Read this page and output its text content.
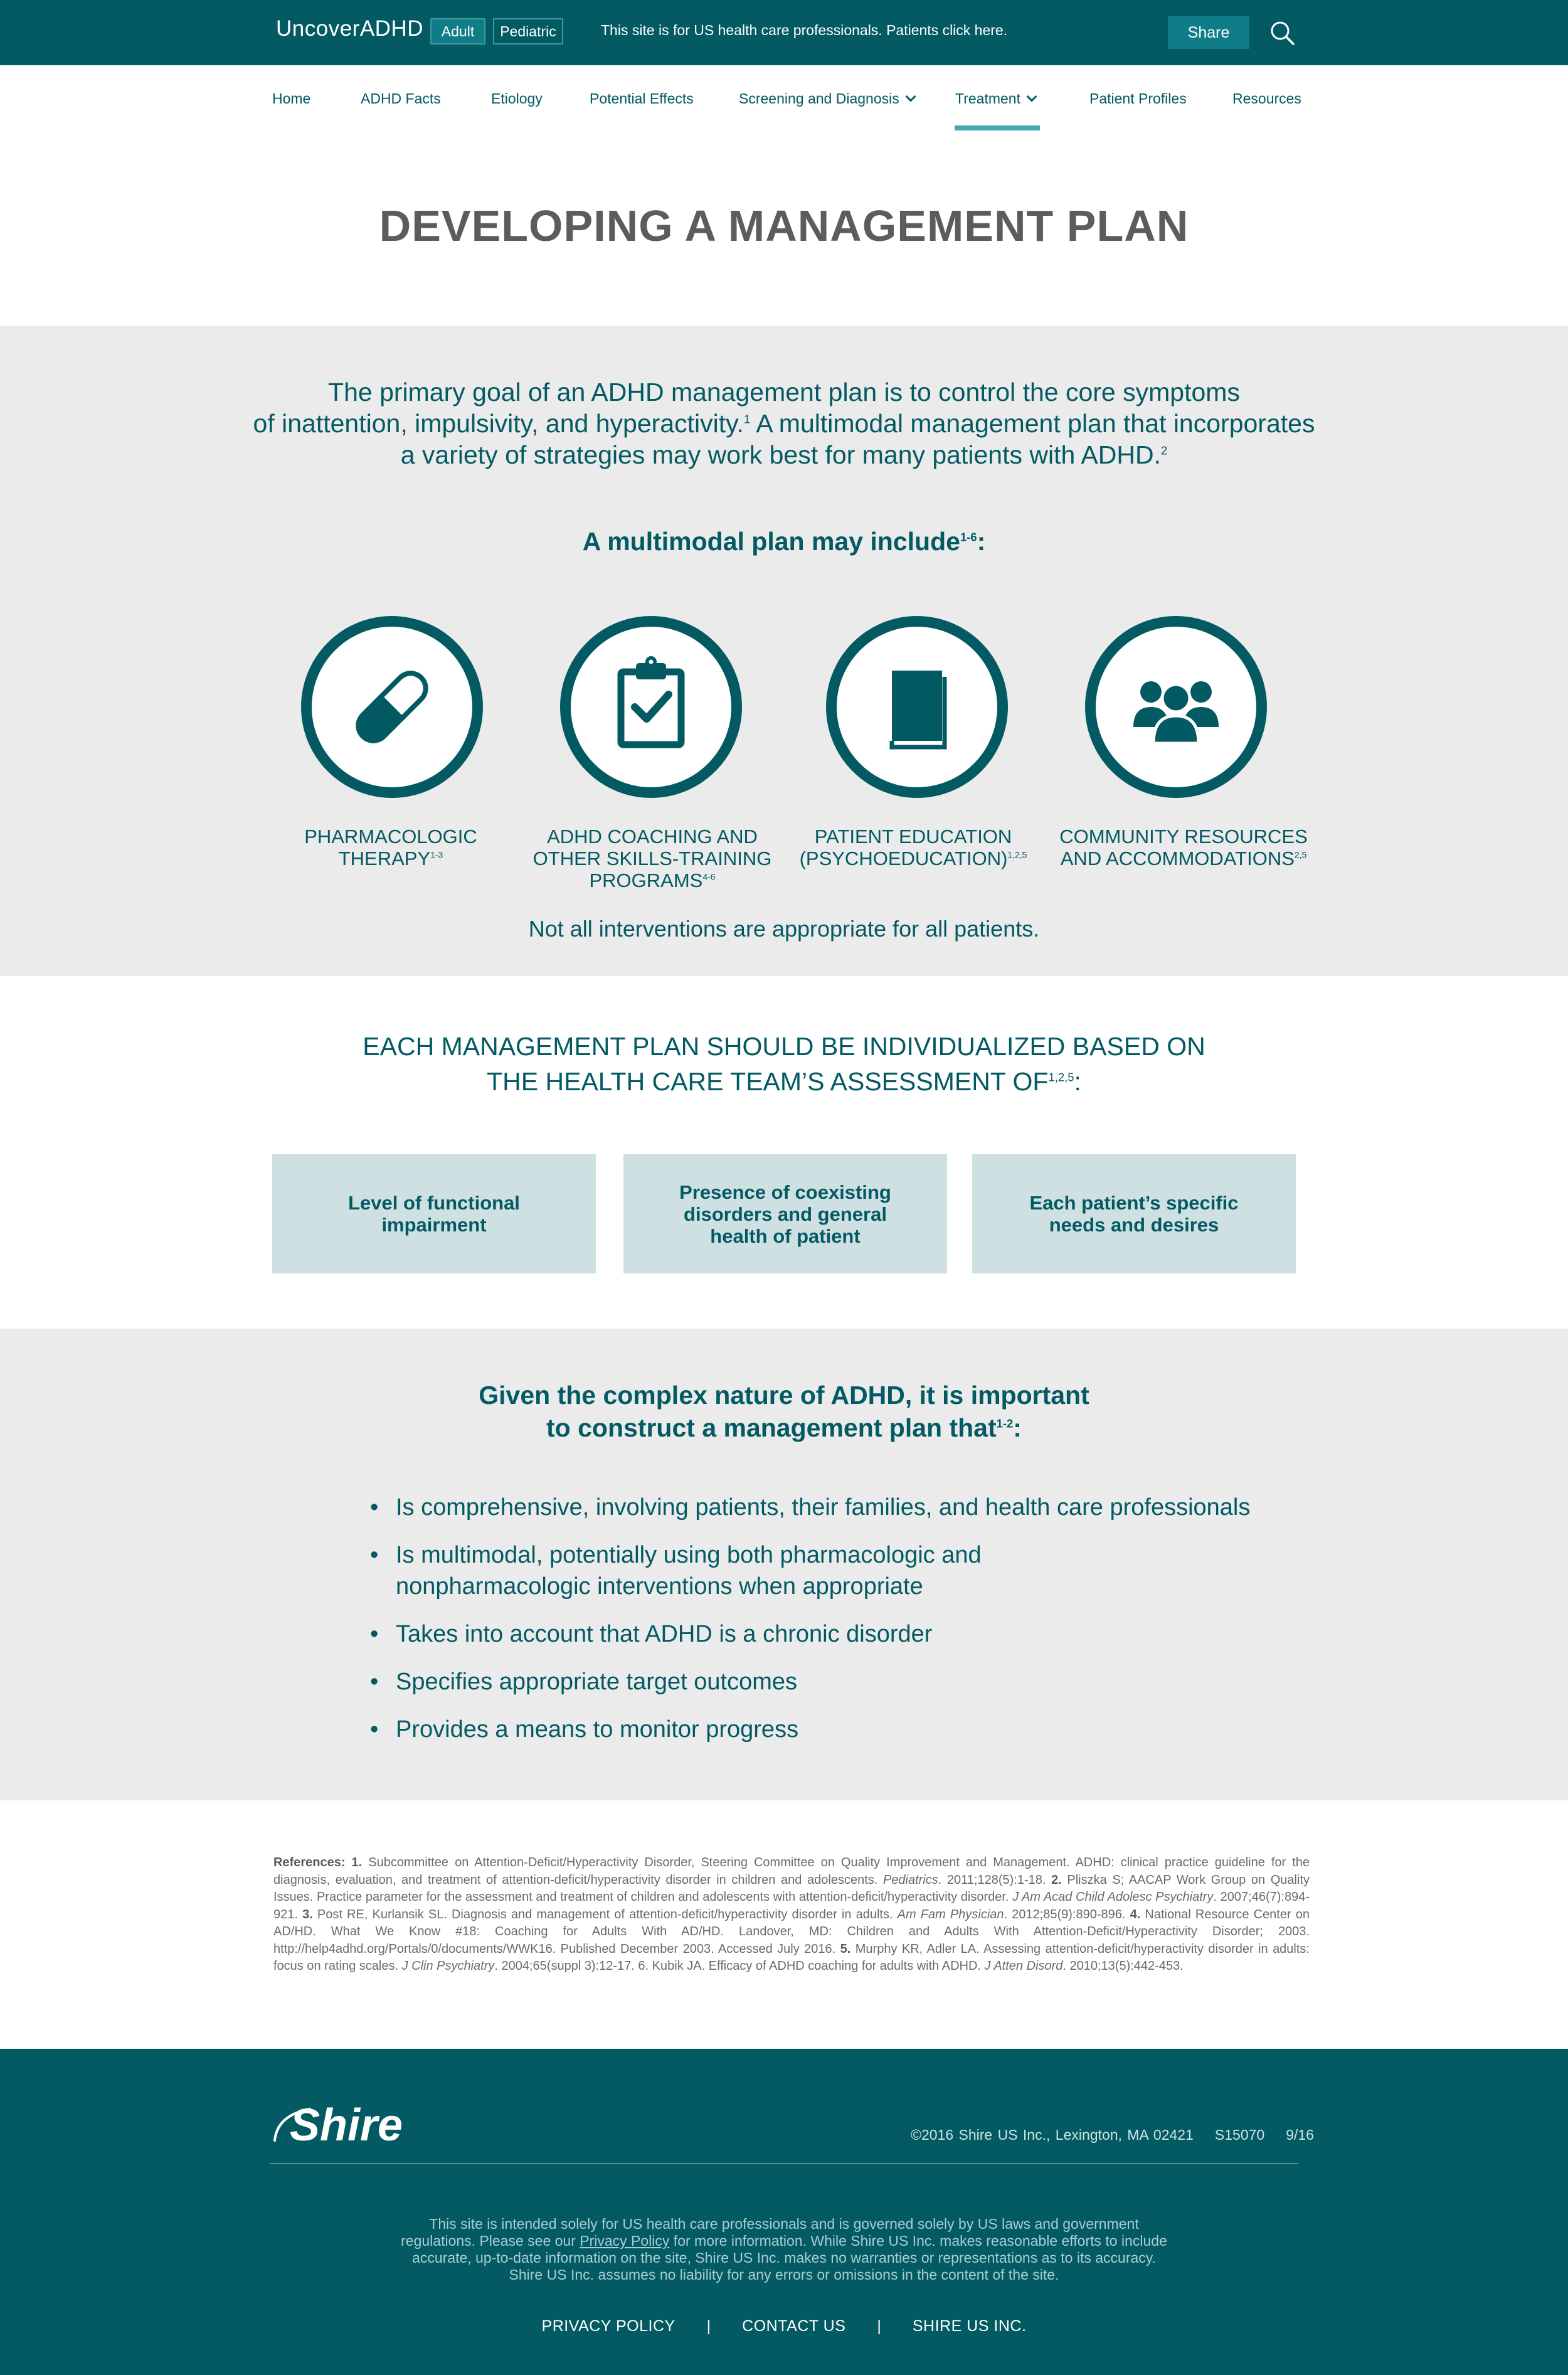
UncoverADHD	Adult	Pediatric	This site is for US health care professionals. Patients click here.	Share
Home	ADHD Facts	Etiology	Potential Effects	Screening and Diagnosis	Treatment	Patient Profiles	Resources
DEVELOPING A MANAGEMENT PLAN
The primary goal of an ADHD management plan is to control the core symptoms
of inattention, impulsivity, and hyperactivity.$^1$ A multimodal management plan that incorporates
a variety of strategies may work best for many patients with ADHD.$^2$
A multimodal plan may include$^{1-6}$:
PHARMACOLOGIC
THERAPY$^{1-3}$
ADHD COACHING AND
OTHER SKILLS-TRAINING
PROGRAMS$^{4-6}$
PATIENT EDUCATION
(PSYCHOEDUCATION)$^{1,2,5}$
COMMUNITY RESOURCES
AND ACCOMMODATIONS$^{2,5}$
Not all interventions are appropriate for all patients.
EACH MANAGEMENT PLAN SHOULD BE INDIVIDUALIZED BASED ON
THE HEALTH CARE TEAM’S ASSESSMENT OF$^{1,2,5}$:
Level of functional
impairment
Presence of coexisting
disorders and general
health of patient
Each patient’s specific
needs and desires
Given the complex nature of ADHD, it is important
to construct a management plan that$^{1-2}$:
• Is comprehensive, involving patients, their families, and health care professionals
• Is multimodal, potentially using both pharmacologic and nonpharmacologic interventions when appropriate
• Takes into account that ADHD is a chronic disorder
• Specifies appropriate target outcomes
• Provides a means to monitor progress
References: 1. Subcommittee on Attention-Deficit/Hyperactivity Disorder, Steering Committee on Quality Improvement and Management. ADHD: clinical practice guideline for the diagnosis, evaluation, and treatment of attention-deficit/hyperactivity disorder in children and adolescents. Pediatrics. 2011;128(5):1-18. 2. Pliszka S; AACAP Work Group on Quality Issues. Practice parameter for the assessment and treatment of children and adolescents with attention-deficit/hyperactivity disorder. J Am Acad Child Adolesc Psychiatry. 2007;46(7):894-921. 3. Post RE, Kurlansik SL. Diagnosis and management of attention-deficit/hyperactivity disorder in adults. Am Fam Physician. 2012;85(9):890-896. 4. National Resource Center on AD/HD. What We Know #18: Coaching for Adults With AD/HD. Landover, MD: Children and Adults With Attention-Deficit/Hyperactivity Disorder; 2003. http://help4adhd.org/Portals/0/documents/WWK16. Published December 2003. Accessed July 2016. 5. Murphy KR, Adler LA. Assessing attention-deficit/hyperactivity disorder in adults: focus on rating scales. J Clin Psychiatry. 2004;65(suppl 3):12-17. 6. Kubik JA. Efficacy of ADHD coaching for adults with ADHD. J Atten Disord. 2010;13(5):442-453.
Shire	©2016 Shire US Inc., Lexington, MA 02421 S15070 9/16
This site is intended solely for US health care professionals and is governed solely by US laws and government regulations. Please see our Privacy Policy for more information. While Shire US Inc. makes reasonable efforts to include accurate, up-to-date information on the site, Shire US Inc. makes no warranties or representations as to its accuracy. Shire US Inc. assumes no liability for any errors or omissions in the content of the site.
PRIVACY POLICY | CONTACT US | SHIRE US INC.
